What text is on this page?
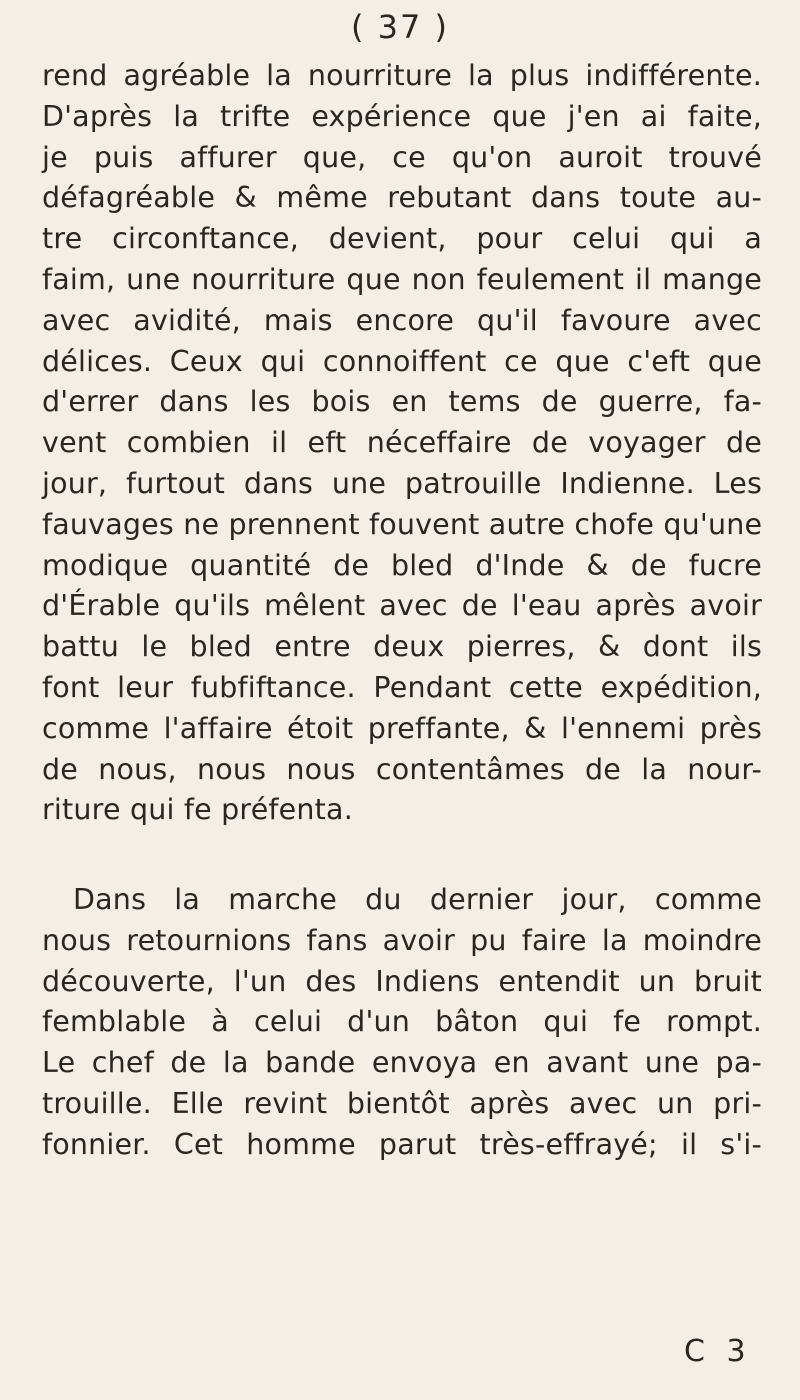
( 37 )
rend agréable la nourriture la plus indifférente.
D'après la trifte expérience que j'en ai faite,
je puis affurer que, ce qu'on auroit trouvé
défagréable & même rebutant dans toute au-
tre circonftance, devient, pour celui qui a
faim, une nourriture que non feulement il mange
avec avidité, mais encore qu'il favoure avec
délices. Ceux qui connoiffent ce que c'eft que
d'errer dans les bois en tems de guerre, fa-
vent combien il eft néceffaire de voyager de
jour, furtout dans une patrouille Indienne. Les
fauvages ne prennent fouvent autre chofe qu'une
modique quantité de bled d'Inde & de fucre
d'Érable qu'ils mêlent avec de l'eau après avoir
battu le bled entre deux pierres, & dont ils
font leur fubfiftance. Pendant cette expédition,
comme l'affaire étoit preffante, & l'ennemi près
de nous, nous nous contentâmes de la nour-
riture qui fe préfenta.
Dans la marche du dernier jour, comme
nous retournions fans avoir pu faire la moindre
découverte, l'un des Indiens entendit un bruit
femblable à celui d'un bâton qui fe rompt.
Le chef de la bande envoya en avant une pa-
trouille. Elle revint bientôt après avec un pri-
fonnier. Cet homme parut très-effrayé; il s'i-
C 3
